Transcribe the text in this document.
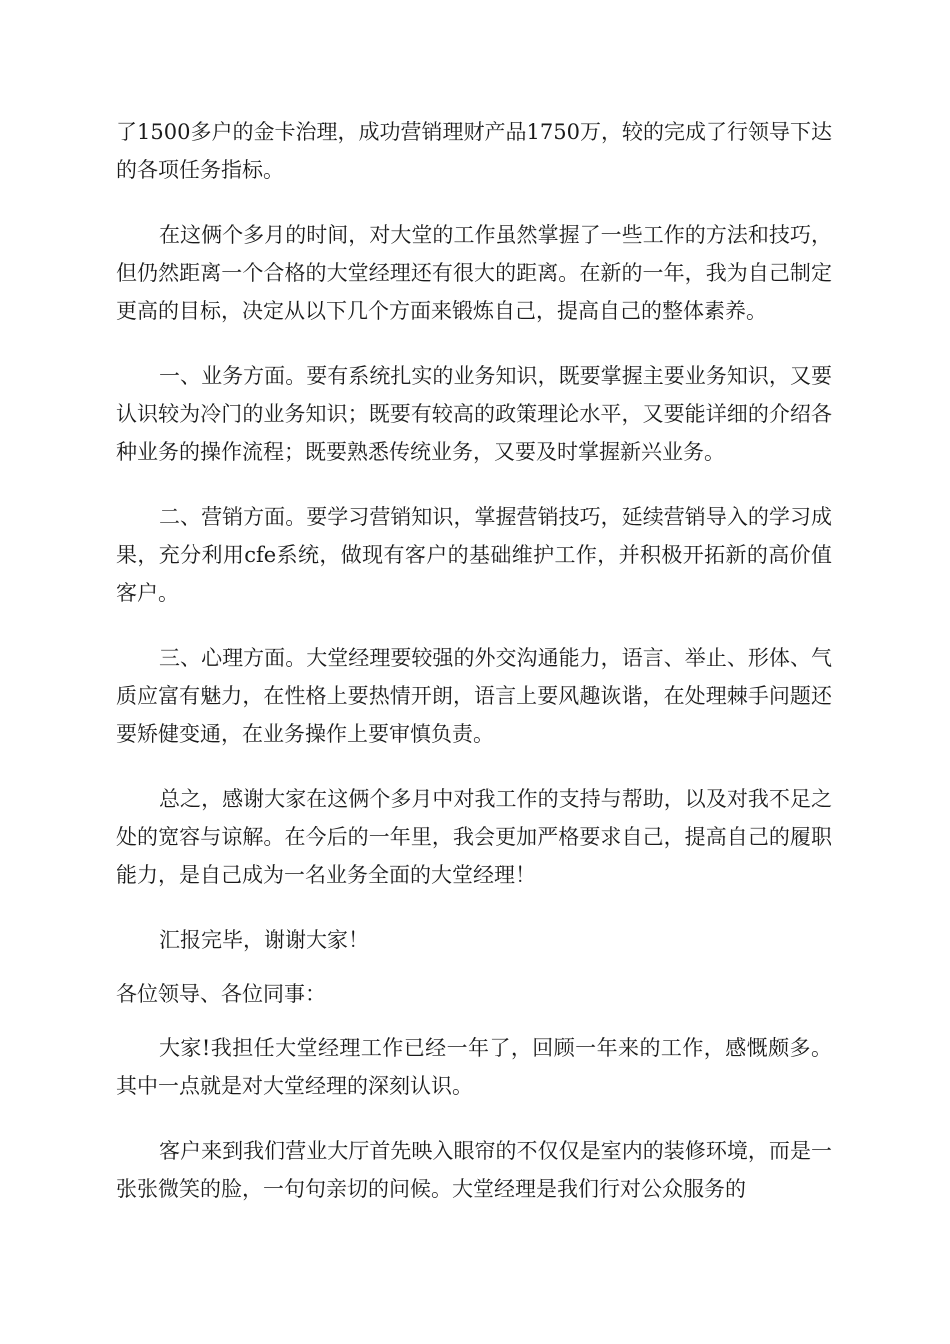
了1500多户的金卡治理，成功营销理财产品1750万，较的完成了行领导下达的各项任务指标。

在这俩个多月的时间，对大堂的工作虽然掌握了一些工作的方法和技巧，但仍然距离一个合格的大堂经理还有很大的距离。在新的一年，我为自己制定更高的目标，决定从以下几个方面来锻炼自己，提高自己的整体素养。

一、业务方面。要有系统扎实的业务知识，既要掌握主要业务知识，又要认识较为冷门的业务知识；既要有较高的政策理论水平，又要能详细的介绍各种业务的操作流程；既要熟悉传统业务，又要及时掌握新兴业务。

二、营销方面。要学习营销知识，掌握营销技巧，延续营销导入的学习成果，充分利用cfe系统，做现有客户的基础维护工作，并积极开拓新的高价值客户。

三、心理方面。大堂经理要较强的外交沟通能力，语言、举止、形体、气质应富有魅力，在性格上要热情开朗，语言上要风趣诙谐，在处理棘手问题还要矫健变通，在业务操作上要审慎负责。

总之，感谢大家在这俩个多月中对我工作的支持与帮助，以及对我不足之处的宽容与谅解。在今后的一年里，我会更加严格要求自己，提高自己的履职能力，是自己成为一名业务全面的大堂经理！

汇报完毕，谢谢大家！

各位领导、各位同事：

大家!我担任大堂经理工作已经一年了，回顾一年来的工作，感慨颇多。其中一点就是对大堂经理的深刻认识。

客户来到我们营业大厅首先映入眼帘的不仅仅是室内的装修环境，而是一张张微笑的脸，一句句亲切的问候。大堂经理是我们行对公众服务的
